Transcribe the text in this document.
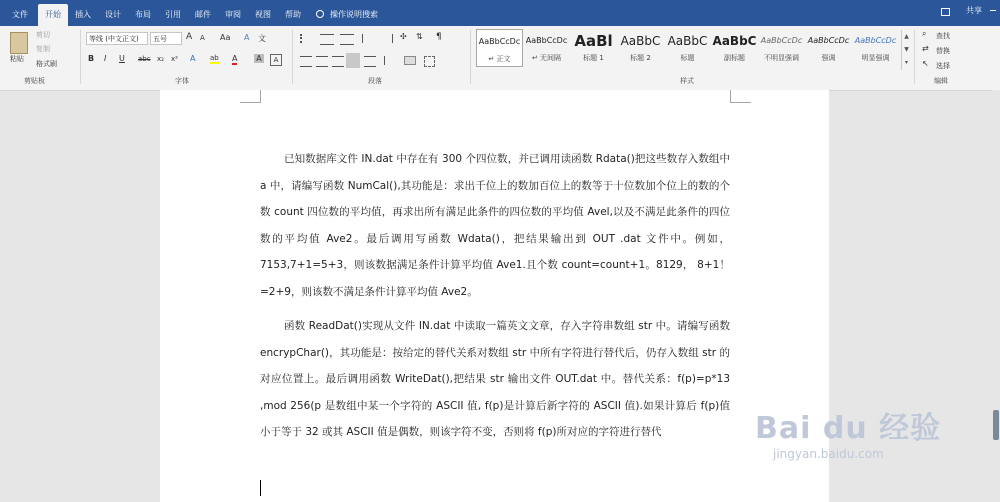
文件	开始	插入	设计	布局	引用	邮件	审阅	视图	帮助	操作说明搜索	共享
粘贴
剪切
复制
格式刷
剪贴板
等线 (中文正文)	五号	A A Aa A 文
B I U abc x₂ x² A ab A A	A
字体
✣ ⇅ ¶
段落
AaBbCcDc
↵ 正文
AaBbCcDc
↵ 无间隔
AaBl
标题 1
AaBbC
标题 2
AaBbC
标题
AaBbC
副标题
AaBbCcDc
不明显强调
AaBbCcDc
强调
AaBbCcDc
明显强调
▲
▼
▾
样式
⌕ 查找
⇄ 替换
↖ 选择
编辑
已知数据库文件 IN.dat 中存在有 300 个四位数，并已调用读函数 Rdata()把这些数存入数组中 a 中，请编写函数 NumCal(),其功能是：求出千位上的数加百位上的数等于十位数加个位上的数的个数 count 四位数的平均值，再求出所有满足此条件的四位数的平均值 Avel,以及不满足此条件的四位数的平均值 Ave2。最后调用写函数 Wdata()，把结果输出到 OUT .dat 文件中。例如，7153,7+1=5+3，则该数据满足条件计算平均值 Ave1.且个数 count=count+1。8129， 8+1！=2+9，则该数不满足条件计算平均值 Ave2。
函数 ReadDat()实现从文件 IN.dat 中读取一篇英文文章，存入字符串数组 str 中。请编写函数 encrypChar()，其功能是：按给定的替代关系对数组 str 中所有字符进行替代后，仍存入数组 str 的对应位置上。最后调用函数 WriteDat(),把结果 str 输出文件 OUT.dat 中。替代关系：f(p)=p*13 ,mod 256(p 是数组中某一个字符的 ASCII 值, f(p)是计算后新字符的 ASCII 值).如果计算后 f(p)值小于等于 32 或其 ASCII 值是偶数，则该字符不变，否则将 f(p)所对应的字符进行替代	Bai du 经验
jingyan.baidu.com
